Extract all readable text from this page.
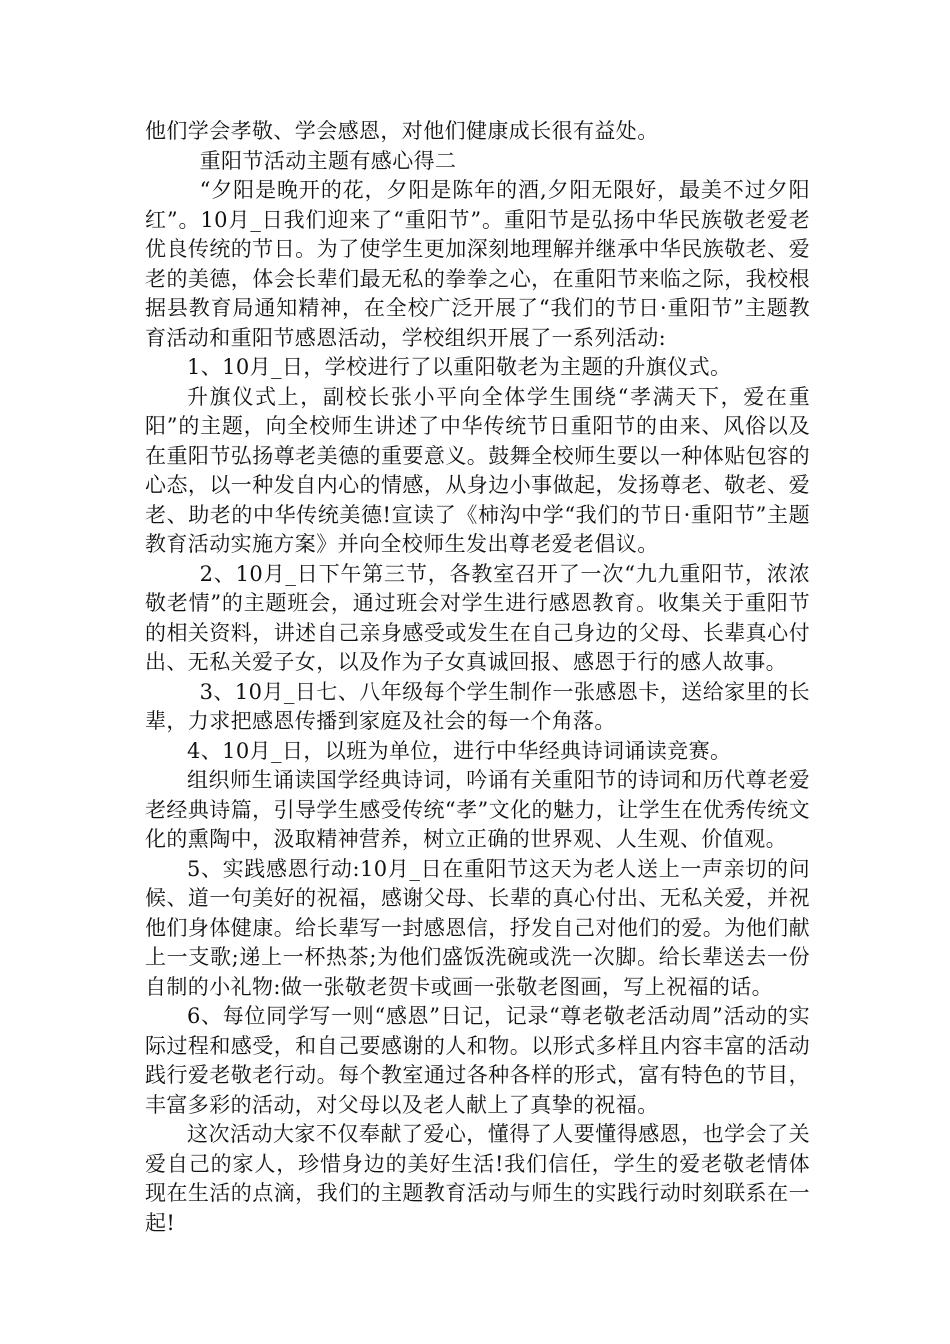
他们学会孝敬、学会感恩，对他们健康成长很有益处。

重阳节活动主题有感心得二

“夕阳是晚开的花，夕阳是陈年的酒,夕阳无限好，最美不过夕阳红”。10月_日我们迎来了“重阳节”。重阳节是弘扬中华民族敬老爱老优良传统的节日。为了使学生更加深刻地理解并继承中华民族敬老、爱老的美德，体会长辈们最无私的拳拳之心，在重阳节来临之际，我校根据县教育局通知精神，在全校广泛开展了“我们的节日·重阳节”主题教育活动和重阳节感恩活动，学校组织开展了一系列活动:

1、10月_日，学校进行了以重阳敬老为主题的升旗仪式。

升旗仪式上，副校长张小平向全体学生围绕“孝满天下，爱在重阳”的主题，向全校师生讲述了中华传统节日重阳节的由来、风俗以及在重阳节弘扬尊老美德的重要意义。鼓舞全校师生要以一种体贴包容的心态，以一种发自内心的情感，从身边小事做起，发扬尊老、敬老、爱老、助老的中华传统美德!宣读了《柿沟中学“我们的节日·重阳节”主题教育活动实施方案》并向全校师生发出尊老爱老倡议。

2、10月_日下午第三节，各教室召开了一次“九九重阳节，浓浓敬老情”的主题班会，通过班会对学生进行感恩教育。收集关于重阳节的相关资料，讲述自己亲身感受或发生在自己身边的父母、长辈真心付出、无私关爱子女，以及作为子女真诚回报、感恩于行的感人故事。

3、10月_日七、八年级每个学生制作一张感恩卡，送给家里的长辈，力求把感恩传播到家庭及社会的每一个角落。

4、10月_日，以班为单位，进行中华经典诗词诵读竞赛。

组织师生诵读国学经典诗词，吟诵有关重阳节的诗词和历代尊老爱老经典诗篇，引导学生感受传统“孝”文化的魅力，让学生在优秀传统文化的熏陶中，汲取精神营养，树立正确的世界观、人生观、价值观。

5、实践感恩行动:10月_日在重阳节这天为老人送上一声亲切的问候、道一句美好的祝福，感谢父母、长辈的真心付出、无私关爱，并祝他们身体健康。给长辈写一封感恩信，抒发自己对他们的爱。为他们献上一支歌;递上一杯热茶;为他们盛饭洗碗或洗一次脚。给长辈送去一份自制的小礼物:做一张敬老贺卡或画一张敬老图画，写上祝福的话。

6、每位同学写一则“感恩”日记，记录“尊老敬老活动周”活动的实际过程和感受，和自己要感谢的人和物。以形式多样且内容丰富的活动践行爱老敬老行动。每个教室通过各种各样的形式，富有特色的节目，丰富多彩的活动，对父母以及老人献上了真挚的祝福。

这次活动大家不仅奉献了爱心，懂得了人要懂得感恩，也学会了关爱自己的家人，珍惜身边的美好生活!我们信任，学生的爱老敬老情体现在生活的点滴，我们的主题教育活动与师生的实践行动时刻联系在一起!
